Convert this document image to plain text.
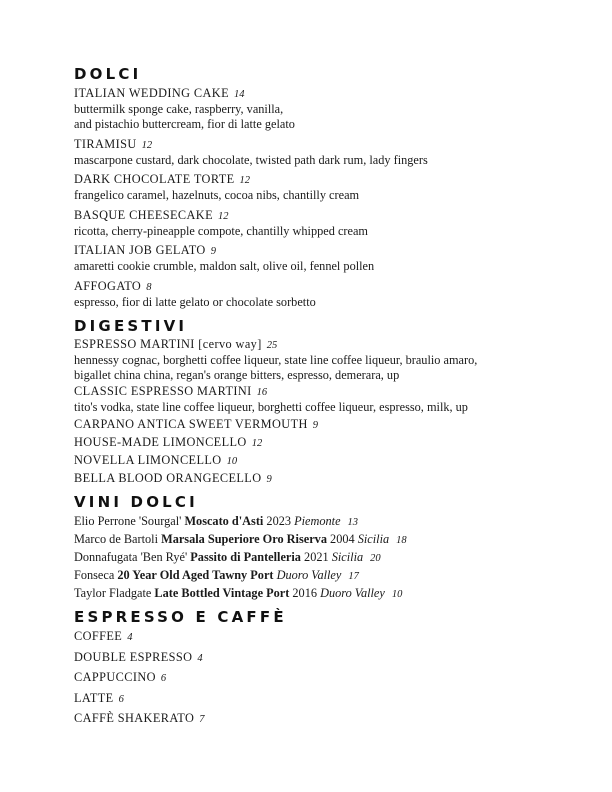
DOLCI
ITALIAN WEDDING CAKE 14
buttermilk sponge cake, raspberry, vanilla,
and pistachio buttercream, fior di latte gelato
TIRAMISU 12
mascarpone custard, dark chocolate, twisted path dark rum, lady fingers
DARK CHOCOLATE TORTE 12
frangelico caramel, hazelnuts, cocoa nibs, chantilly cream
BASQUE CHEESECAKE 12
ricotta, cherry-pineapple compote, chantilly whipped cream
ITALIAN JOB GELATO 9
amaretti cookie crumble, maldon salt, olive oil, fennel pollen
AFFOGATO 8
espresso, fior di latte gelato or chocolate sorbetto
DIGESTIVI
ESPRESSO MARTINI [cervo way] 25
hennessy cognac, borghetti coffee liqueur, state line coffee liqueur, braulio amaro,
bigallet china china, regan's orange bitters, espresso, demerara, up
CLASSIC ESPRESSO MARTINI 16
tito's vodka, state line coffee liqueur, borghetti coffee liqueur, espresso, milk, up
CARPANO ANTICA SWEET VERMOUTH 9
HOUSE-MADE LIMONCELLO 12
NOVELLA LIMONCELLO 10
BELLA BLOOD ORANGECELLO 9
VINI DOLCI
Elio Perrone 'Sourgal' Moscato d'Asti 2023 Piemonte 13
Marco de Bartoli Marsala Superiore Oro Riserva 2004 Sicilia 18
Donnafugata 'Ben Ryé' Passito di Pantelleria 2021 Sicilia 20
Fonseca 20 Year Old Aged Tawny Port Duoro Valley 17
Taylor Fladgate Late Bottled Vintage Port 2016 Duoro Valley 10
ESPRESSO E CAFFÈ
COFFEE 4
DOUBLE ESPRESSO 4
CAPPUCCINO 6
LATTE 6
CAFFÈ SHAKERATO 7
